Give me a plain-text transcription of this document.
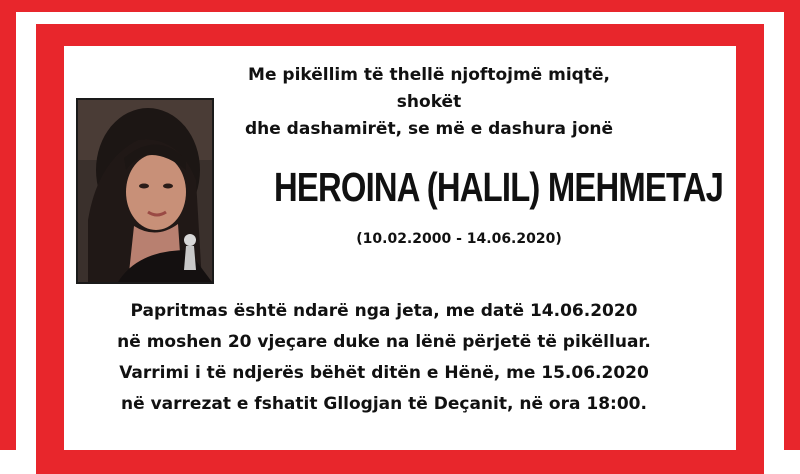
Me pikëllim të thellë njoftojmë miqtë, shokët
dhe dashamirët, se më e dashura jonë
HEROINA (HALIL) MEHMETAJ
(10.02.2000 - 14.06.2020)
Papritmas është ndarë nga jeta, me datë 14.06.2020
në moshen 20 vjeçare duke na lënë përjetë të pikëlluar.
Varrimi i të ndjerës bëhët ditën e Hënë, me 15.06.2020
në varrezat e fshatit Gllogjan të Deçanit, në ora 18:00.
